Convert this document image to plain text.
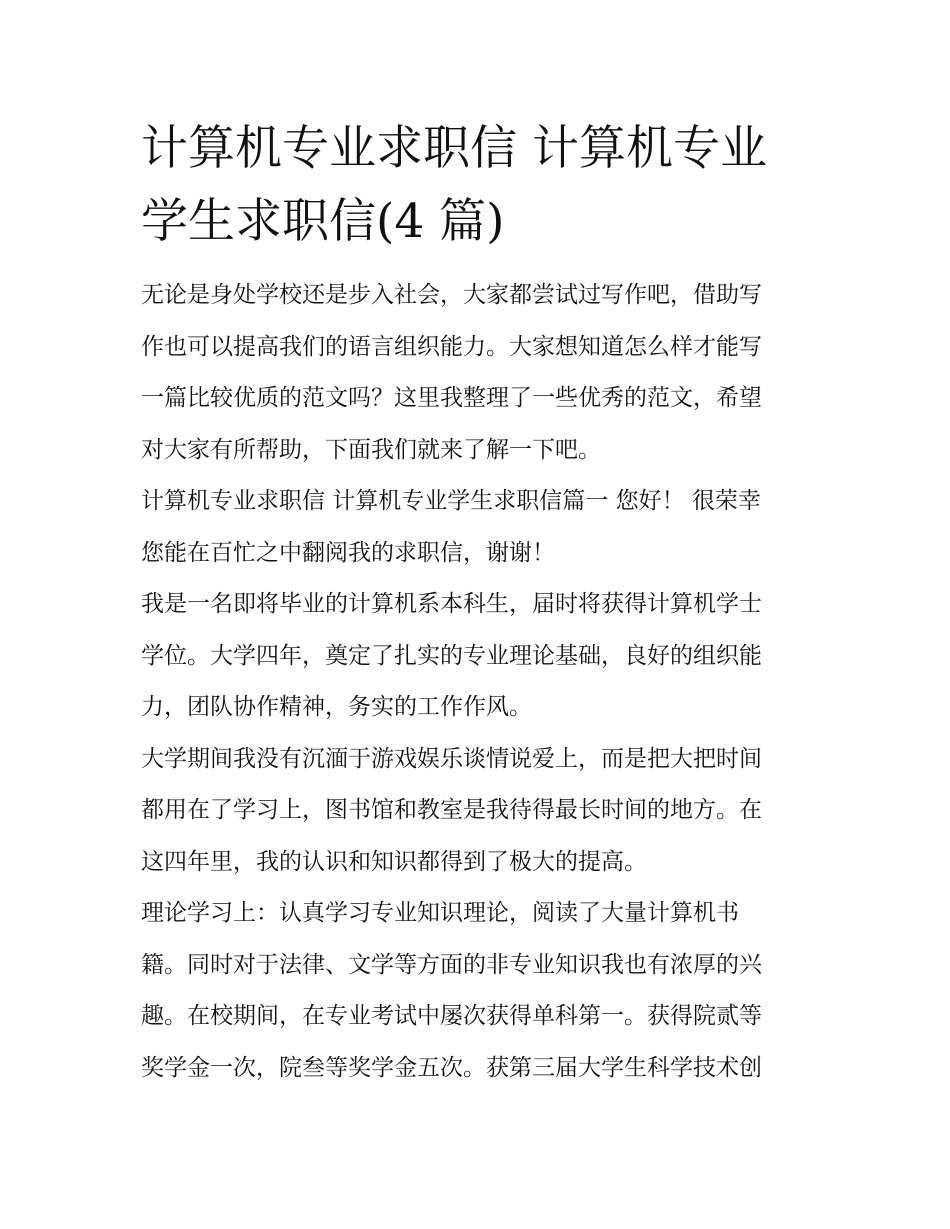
计算机专业求职信 计算机专业
学生求职信(4 篇)

无论是身处学校还是步入社会，大家都尝试过写作吧，借助写
作也可以提高我们的语言组织能力。大家想知道怎么样才能写
一篇比较优质的范文吗？这里我整理了一些优秀的范文，希望
对大家有所帮助，下面我们就来了解一下吧。

计算机专业求职信 计算机专业学生求职信篇一 您好！ 很荣幸
您能在百忙之中翻阅我的求职信，谢谢！

我是一名即将毕业的计算机系本科生，届时将获得计算机学士
学位。大学四年，奠定了扎实的专业理论基础，良好的组织能
力，团队协作精神，务实的工作作风。

大学期间我没有沉湎于游戏娱乐谈情说爱上，而是把大把时间
都用在了学习上，图书馆和教室是我待得最长时间的地方。在
这四年里，我的认识和知识都得到了极大的提高。

理论学习上：认真学习专业知识理论，阅读了大量计算机书
籍。同时对于法律、文学等方面的非专业知识我也有浓厚的兴
趣。在校期间，在专业考试中屡次获得单科第一。获得院贰等
奖学金一次，院叁等奖学金五次。获第三届大学生科学技术创
